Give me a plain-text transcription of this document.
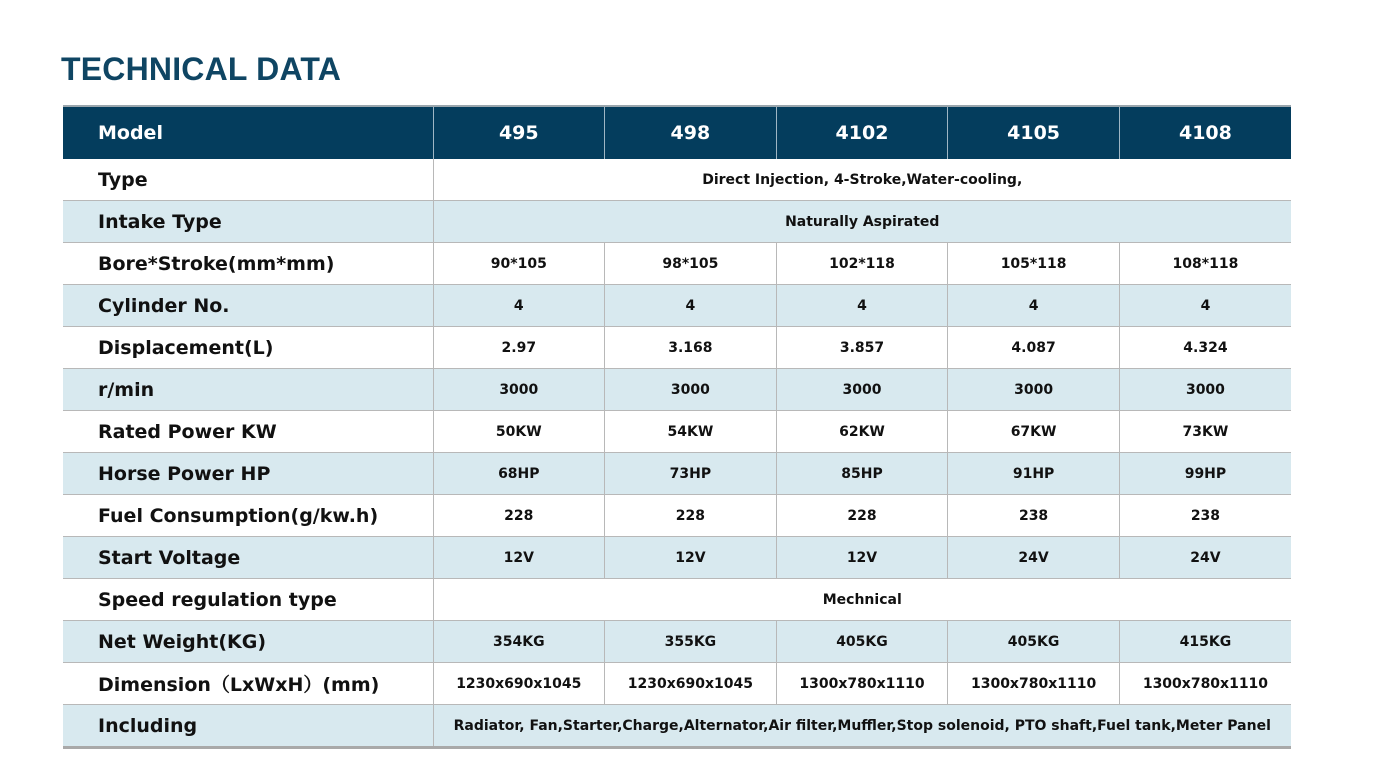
TECHNICAL DATA
Model	495	498	4102	4105	4108
Type	Direct Injection, 4-Stroke,Water-cooling,				
Intake Type	Naturally Aspirated				
Bore*Stroke(mm*mm)	90*105	98*105	102*118	105*118	108*118
Cylinder No.	4	4	4	4	4
Displacement(L)	2.97	3.168	3.857	4.087	4.324
r/min	3000	3000	3000	3000	3000
Rated Power KW	50KW	54KW	62KW	67KW	73KW
Horse Power HP	68HP	73HP	85HP	91HP	99HP
Fuel Consumption(g/kw.h)	228	228	228	238	238
Start Voltage	12V	12V	12V	24V	24V
Speed regulation type	Mechnical				
Net Weight(KG)	354KG	355KG	405KG	405KG	415KG
Dimension（LxWxH）(mm)	1230x690x1045	1230x690x1045	1300x780x1110	1300x780x1110	1300x780x1110
Including	Radiator, Fan,Starter,Charge,Alternator,Air filter,Muffler,Stop solenoid, PTO shaft,Fuel tank,Meter Panel				
